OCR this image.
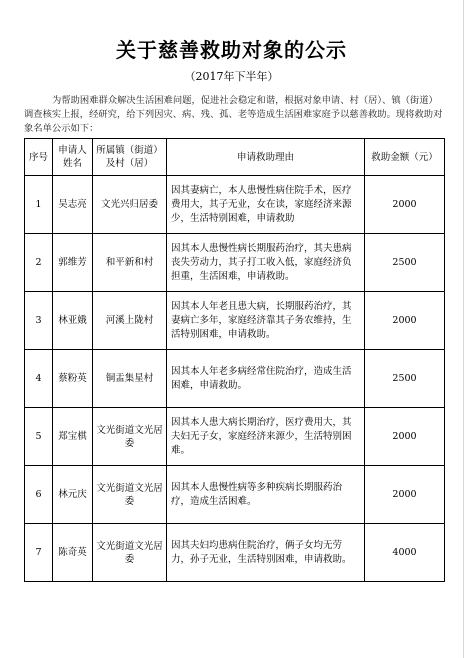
关于慈善救助对象的公示
（2017年下半年）
为帮助困难群众解决生活困难问题，促进社会稳定和谐，根据对象申请、村（居）、镇（街道）调查核实上报，经研究，给下列因灾、病、残、孤、老等造成生活困难家庭予以慈善救助。现将救助对象名单公示如下：
序号	申请人姓名	所属镇（街道）及村（居）	申请救助理由	救助金额（元）
1	吴志亮	文光兴归居委	因其妻病亡，本人患慢性病住院手术，医疗费用大，其子无业，女在读，家庭经济来源少，生活特别困难，申请救助	2000
2	郭维芳	和平新和村	因其本人患慢性病长期服药治疗，其夫患病丧失劳动力，其子打工收入低，家庭经济负担重，生活困难，申请救助。	2500
3	林亚娥	河溪上陇村	因其本人年老且患大病，长期服药治疗，其妻病亡多年，家庭经济靠其子务农维持，生活特别困难，申请救助。	2000
4	蔡粉英	铜盂集星村	因其本人年老多病经常住院治疗，造成生活困难，申请救助。	2500
5	郑宝棋	文光街道文光居委	因其本人患大病长期治疗，医疗费用大，其夫妇无子女，家庭经济来源少，生活特别困难。	2000
6	林元庆	文光街道文光居委	因其本人患慢性病等多种疾病长期服药治疗，造成生活困难。	2000
7	陈奇英	文光街道文光居委	因其夫妇均患病住院治疗，俩子女均无劳力，孙子无业，生活特别困难，申请救助。	4000
